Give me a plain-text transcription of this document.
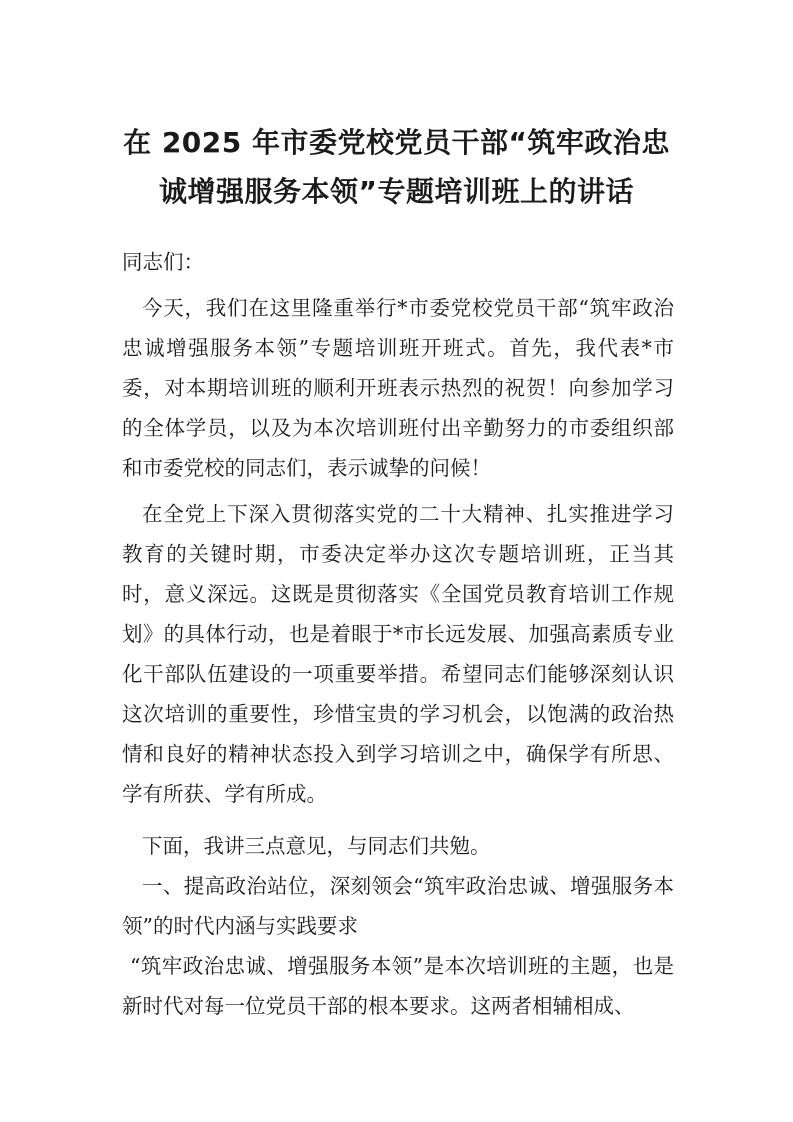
在 2025 年市委党校党员干部“筑牢政治忠
诚增强服务本领”专题培训班上的讲话

同志们：

今天，我们在这里隆重举行*市委党校党员干部“筑牢政治忠诚增强服务本领”专题培训班开班式。首先，我代表*市委，对本期培训班的顺利开班表示热烈的祝贺！向参加学习的全体学员，以及为本次培训班付出辛勤努力的市委组织部和市委党校的同志们，表示诚挚的问候！

在全党上下深入贯彻落实党的二十大精神、扎实推进学习教育的关键时期，市委决定举办这次专题培训班，正当其时，意义深远。这既是贯彻落实《全国党员教育培训工作规划》的具体行动，也是着眼于*市长远发展、加强高素质专业化干部队伍建设的一项重要举措。希望同志们能够深刻认识这次培训的重要性，珍惜宝贵的学习机会，以饱满的政治热情和良好的精神状态投入到学习培训之中，确保学有所思、学有所获、学有所成。

下面，我讲三点意见，与同志们共勉。

一、提高政治站位，深刻领会“筑牢政治忠诚、增强服务本领”的时代内涵与实践要求

“筑牢政治忠诚、增强服务本领”是本次培训班的主题，也是新时代对每一位党员干部的根本要求。这两者相辅相成、
